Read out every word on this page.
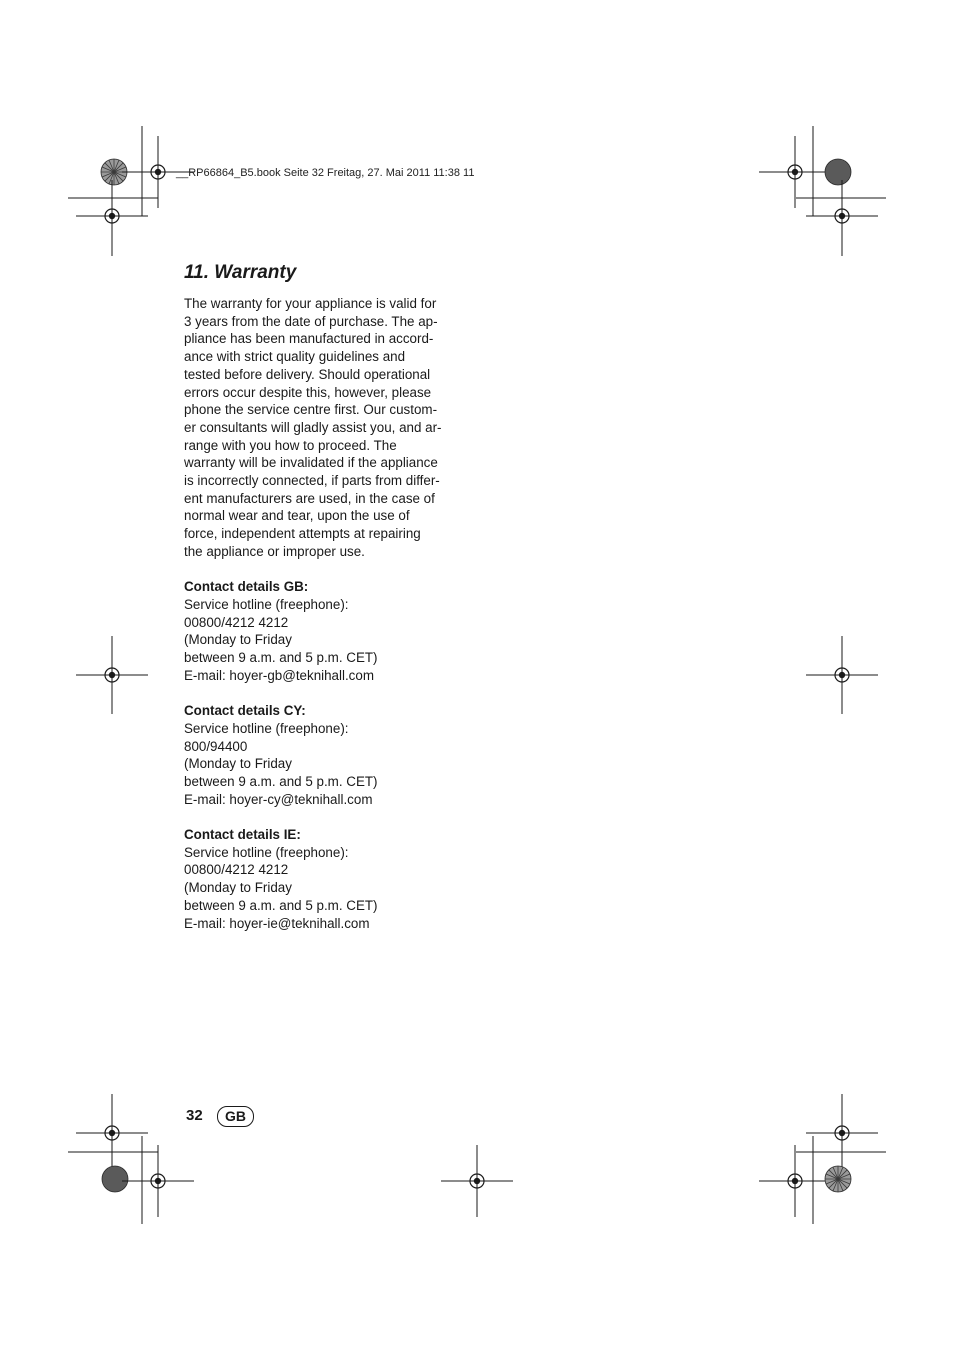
__RP66864_B5.book Seite 32 Freitag, 27. Mai 2011 11:38 11
11. Warranty

The warranty for your appliance is valid for
3 years from the date of purchase. The ap-
pliance has been manufactured in accord-
ance with strict quality guidelines and
tested before delivery. Should operational
errors occur despite this, however, please
phone the service centre first. Our custom-
er consultants will gladly assist you, and ar-
range with you how to proceed. The
warranty will be invalidated if the appliance
is incorrectly connected, if parts from differ-
ent manufacturers are used, in the case of
normal wear and tear, upon the use of
force, independent attempts at repairing
the appliance or improper use.

Contact details GB:
Service hotline (freephone):
00800/4212 4212
(Monday to Friday
between 9 a.m. and 5 p.m. CET)
E-mail: hoyer-gb@teknihall.com
Contact details CY:
Service hotline (freephone):
800/94400
(Monday to Friday
between 9 a.m. and 5 p.m. CET)
E-mail: hoyer-cy@teknihall.com
Contact details IE:
Service hotline (freephone):
00800/4212 4212
(Monday to Friday
between 9 a.m. and 5 p.m. CET)
E-mail: hoyer-ie@teknihall.com
32	GB
